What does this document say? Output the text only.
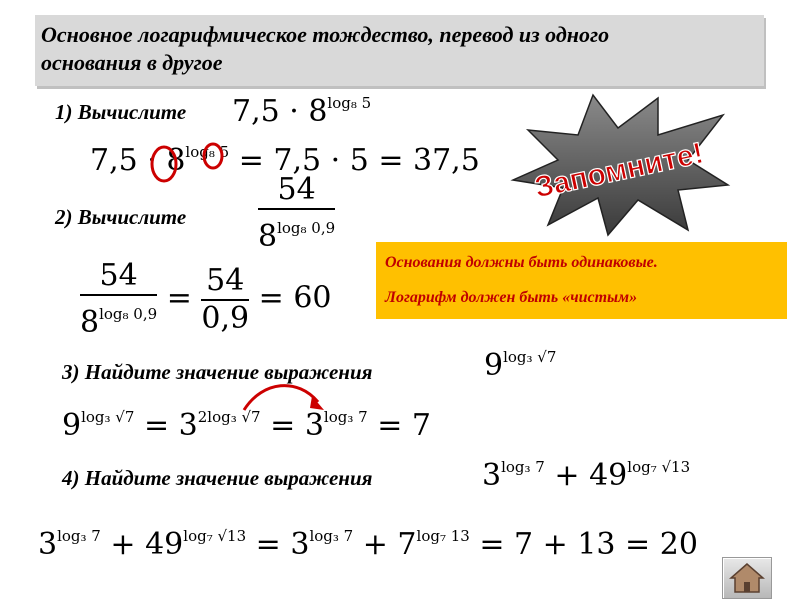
Основное логарифмическое тождество, перевод из одного
основания в другое
1) Вычислите $7,5 \cdot 8^{log_8 5}$
$7,5 \cdot 8^{log_8 5} = 7,5 \cdot 5 = 37,5$ Запомните!
2) Вычислите $\frac{54}{8^{log_8 0,9}}$
Основания должны быть одинаковые.
Логарифм должен быть «чистым»
$\frac{54}{8^{log_8 0,9}} = \frac{54}{0,9} = 60$
3) Найдите значение выражения	$9^{log_3 √7}$
$9^{log_3 √7} = 3^{2log_3 √7} = 3^{log_3 7} = 7$
4) Найдите значение выражения	$3^{log_3 7} + 49^{log_7 √13}$
$3^{log_3 7} + 49^{log_7 √13} = 3^{log_3 7} + 7^{log_7 13} = 7 + 13 = 20$
